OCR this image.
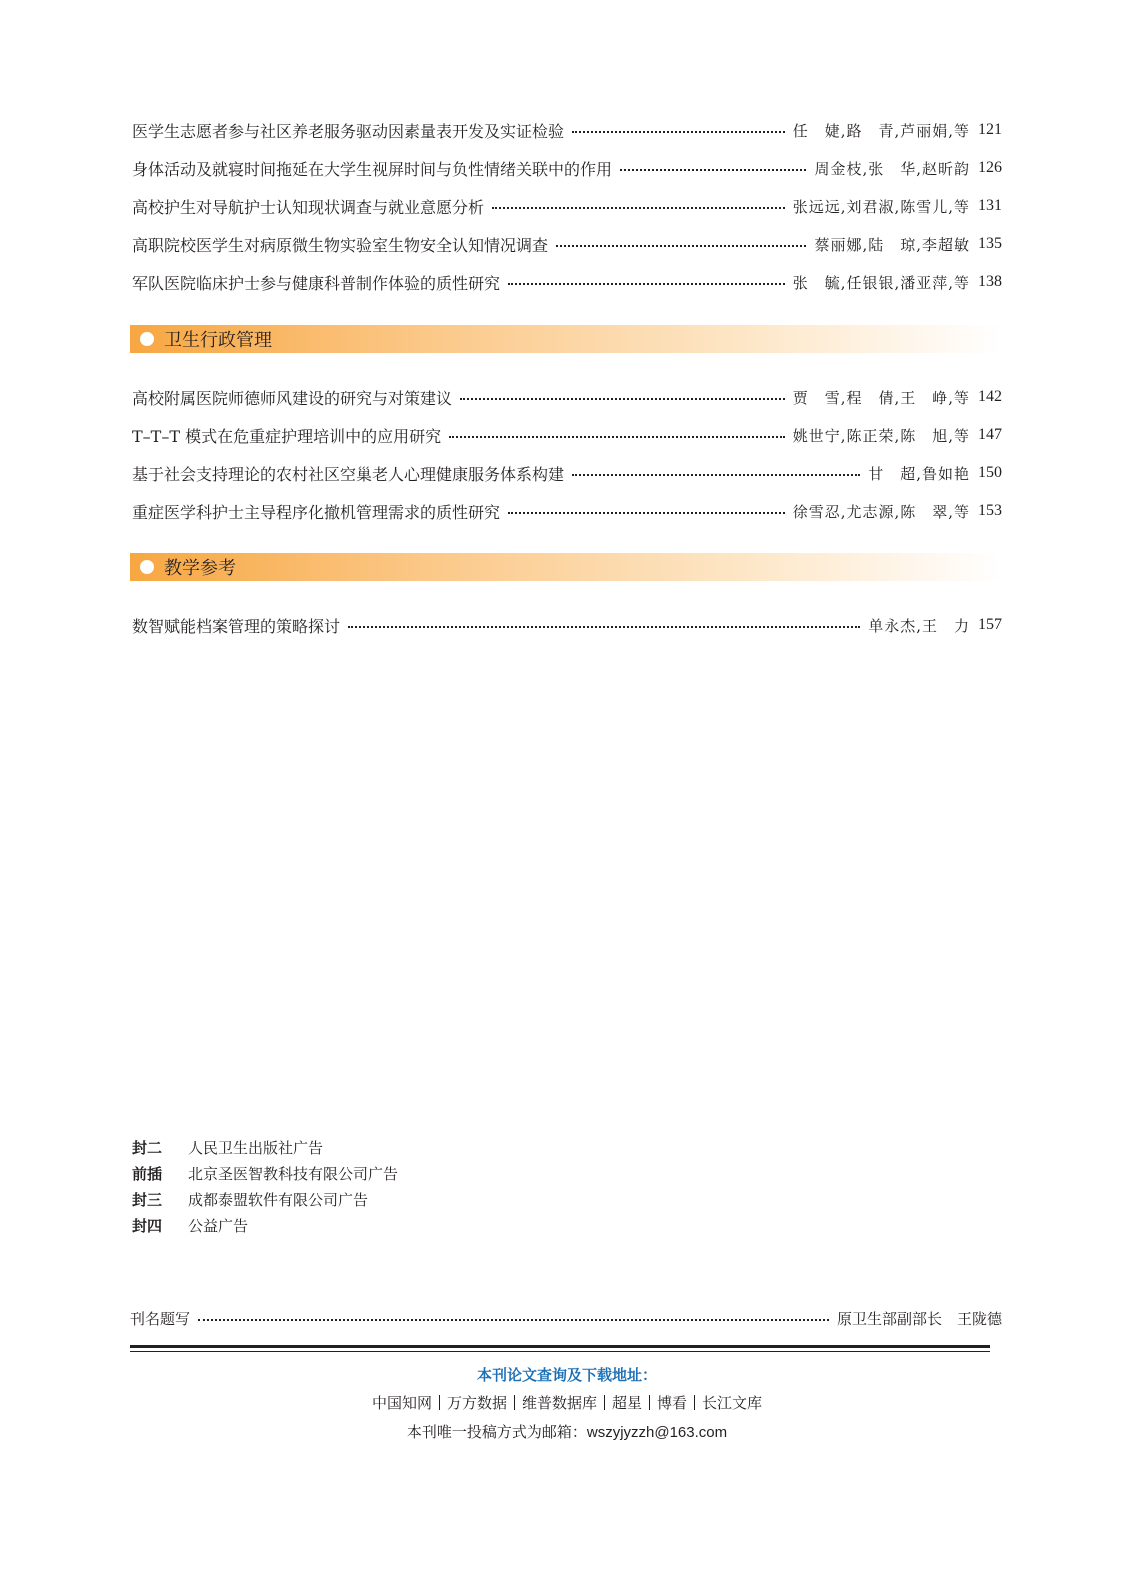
医学生志愿者参与社区养老服务驱动因素量表开发及实证检验	任　婕,路　青,芦丽娟,等 121
身体活动及就寝时间拖延在大学生视屏时间与负性情绪关联中的作用	周金枝,张　华,赵昕韵 126
高校护生对导航护士认知现状调查与就业意愿分析	张远远,刘君淑,陈雪儿,等 131
高职院校医学生对病原微生物实验室生物安全认知情况调查	蔡丽娜,陆　琼,李超敏 135
军队医院临床护士参与健康科普制作体验的质性研究	张　毓,任银银,潘亚萍,等 138
卫生行政管理
高校附属医院师德师风建设的研究与对策建议	贾　雪,程　倩,王　峥,等 142
T–T–T 模式在危重症护理培训中的应用研究	姚世宁,陈正荣,陈　旭,等 147
基于社会支持理论的农村社区空巢老人心理健康服务体系构建	甘　超,鲁如艳 150
重症医学科护士主导程序化撤机管理需求的质性研究	徐雪忍,尤志源,陈　翠,等 153
教学参考
数智赋能档案管理的策略探讨	单永杰,王　力 157
封二	人民卫生出版社广告
前插	北京圣医智教科技有限公司广告
封三	成都泰盟软件有限公司广告
封四	公益广告
刊名题写	原卫生部副部长　王陇德
本刊论文查询及下载地址：
中国知网 万方数据 维普数据库 超星 博看 长江文库
本刊唯一投稿方式为邮箱：wszyjyzzh@163.com
